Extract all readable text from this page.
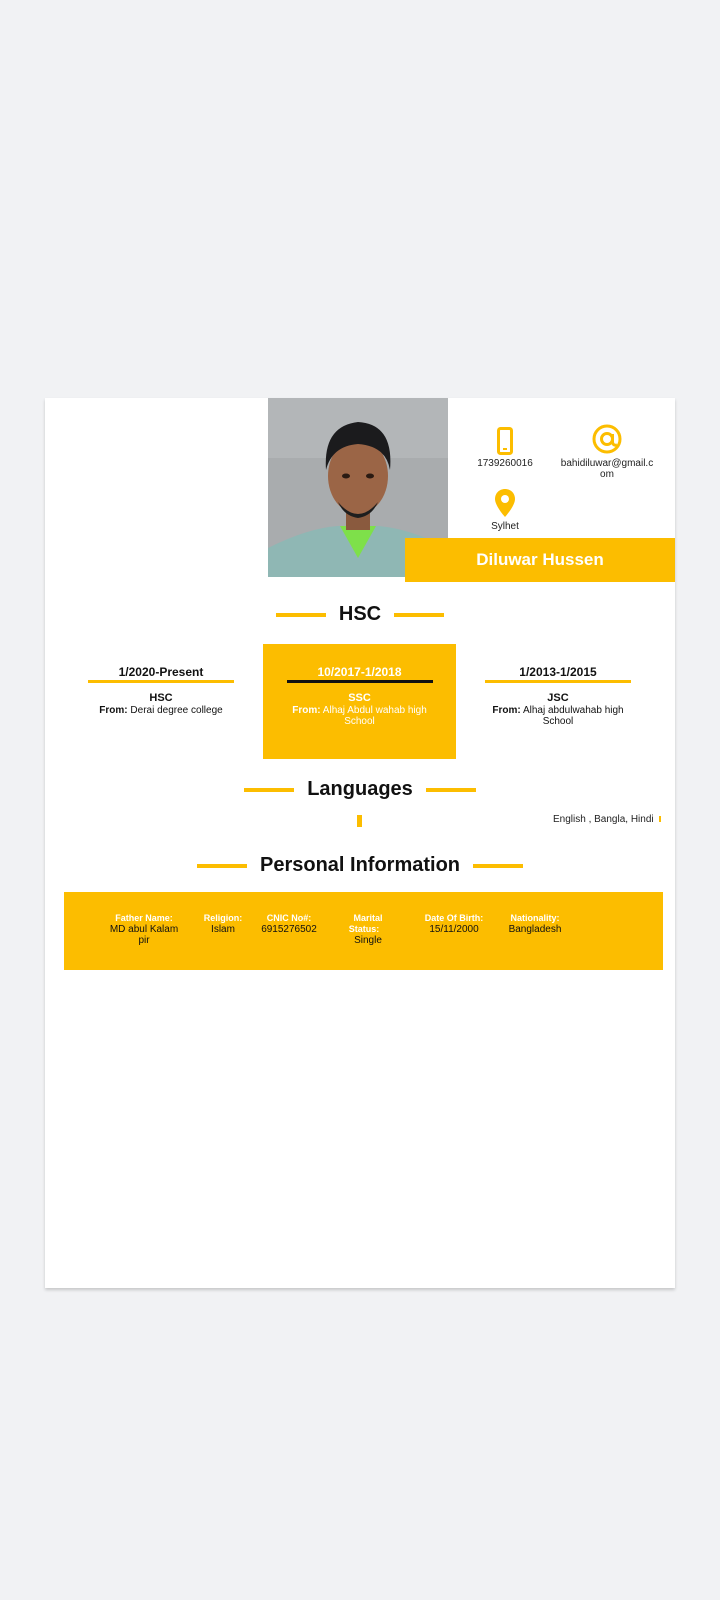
1739260016	bahidiluwar@gmail.c
om
Sylhet
Diluwar Hussen
HSC
1/2020-Present
HSC
From: Derai degree college
10/2017-1/2018
SSC
From: Alhaj Abdul wahab high
School
1/2013-1/2015
JSC
From: Alhaj abdulwahab high
School
Languages
English , Bangla, Hindi
Personal Information
Father Name:
MD abul Kalam
pir
Religion:
Islam
CNIC No#:
6915276502
Marital
Status:
Single
Date Of Birth:
15/11/2000
Nationality:
Bangladesh
